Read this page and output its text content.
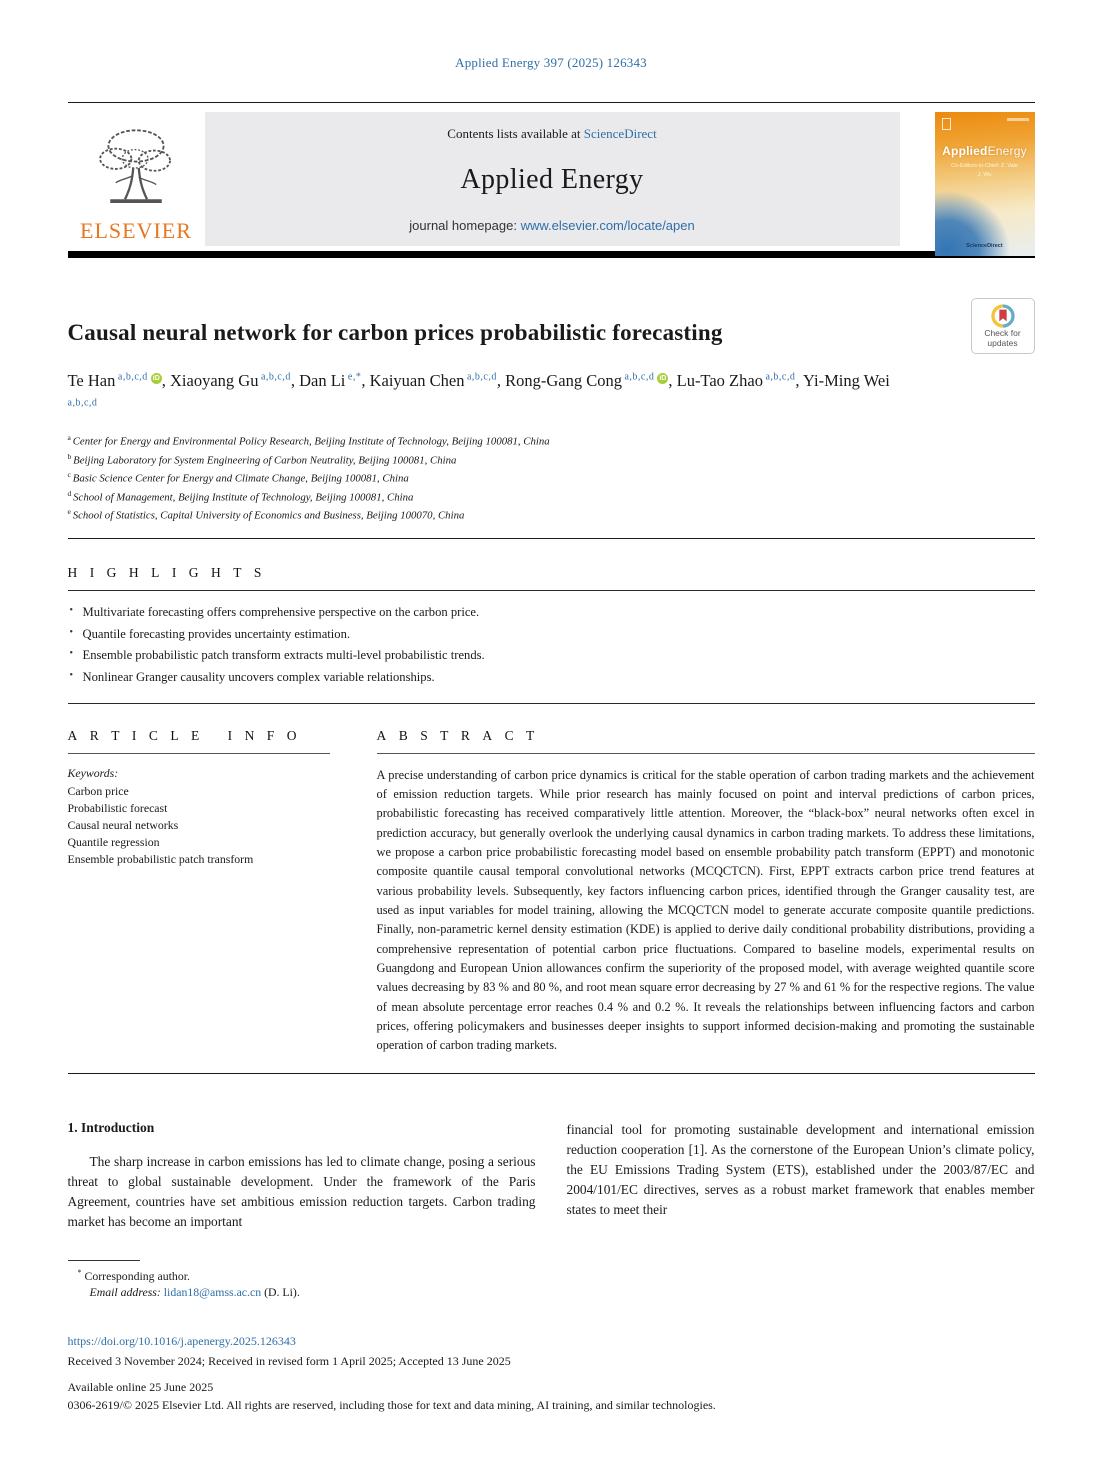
Applied Energy 397 (2025) 126343
ELSEVIER
Contents lists available at ScienceDirect
Applied Energy
journal homepage: www.elsevier.com/locate/apen
AppliedEnergy
Co-Editors-in-Chief: Z. Vale
J. Wu
ScienceDirect
Causal neural network for carbon prices probabilistic forecasting	Check for updates

Te Han $^{a,b,c,d}$ iD , Xiaoyang Gu $^{a,b,c,d}$, Dan Li $^{e,*}$, Kaiyuan Chen $^{a,b,c,d}$, Rong-Gang Cong $^{a,b,c,d}$ iD , Lu-Tao Zhao $^{a,b,c,d}$, Yi-Ming Wei $^{a,b,c,d}$

$^a$ Center for Energy and Environmental Policy Research, Beijing Institute of Technology, Beijing 100081, China
$^b$ Beijing Laboratory for System Engineering of Carbon Neutrality, Beijing 100081, China
$^c$ Basic Science Center for Energy and Climate Change, Beijing 100081, China
$^d$ School of Management, Beijing Institute of Technology, Beijing 100081, China
$^e$ School of Statistics, Capital University of Economics and Business, Beijing 100070, China
H I G H L I G H T S
• Multivariate forecasting offers comprehensive perspective on the carbon price.
• Quantile forecasting provides uncertainty estimation.
• Ensemble probabilistic patch transform extracts multi-level probabilistic trends.
• Nonlinear Granger causality uncovers complex variable relationships.
A R T I C L E   I N F O
Keywords:
Carbon price
Probabilistic forecast
Causal neural networks
Quantile regression
Ensemble probabilistic patch transform
A B S T R A C T

A precise understanding of carbon price dynamics is critical for the stable operation of carbon trading markets and the achievement of emission reduction targets. While prior research has mainly focused on point and interval predictions of carbon prices, probabilistic forecasting has received comparatively little attention. Moreover, the “black-box” neural networks often excel in prediction accuracy, but generally overlook the underlying causal dynamics in carbon trading markets. To address these limitations, we propose a carbon price probabilistic forecasting model based on ensemble probability patch transform (EPPT) and monotonic composite quantile causal temporal convolutional networks (MCQCTCN). First, EPPT extracts carbon price trend features at various probability levels. Subsequently, key factors influencing carbon prices, identified through the Granger causality test, are used as input variables for model training, allowing the MCQCTCN model to generate accurate composite quantile predictions. Finally, non-parametric kernel density estimation (KDE) is applied to derive daily conditional probability distributions, providing a comprehensive representation of potential carbon price fluctuations. Compared to baseline models, experimental results on Guangdong and European Union allowances confirm the superiority of the proposed model, with average weighted quantile score values decreasing by 83 % and 80 %, and root mean square error decreasing by 27 % and 61 % for the respective regions. The value of mean absolute percentage error reaches 0.4 % and 0.2 %. It reveals the relationships between influencing factors and carbon prices, offering policymakers and businesses deeper insights to support informed decision-making and promoting the sustainable operation of carbon trading markets.

1. Introduction

The sharp increase in carbon emissions has led to climate change, posing a serious threat to global sustainable development. Under the framework of the Paris Agreement, countries have set ambitious emission reduction targets. Carbon trading market has become an important

financial tool for promoting sustainable development and international emission reduction cooperation [1]. As the cornerstone of the European Union’s climate policy, the EU Emissions Trading System (ETS), established under the 2003/87/EC and 2004/101/EC directives, serves as a robust market framework that enables member states to meet their

* Corresponding author.
Email address: lidan18@amss.ac.cn (D. Li).
https://doi.org/10.1016/j.apenergy.2025.126343
Received 3 November 2024; Received in revised form 1 April 2025; Accepted 13 June 2025
Available online 25 June 2025
0306-2619/© 2025 Elsevier Ltd. All rights are reserved, including those for text and data mining, AI training, and similar technologies.
